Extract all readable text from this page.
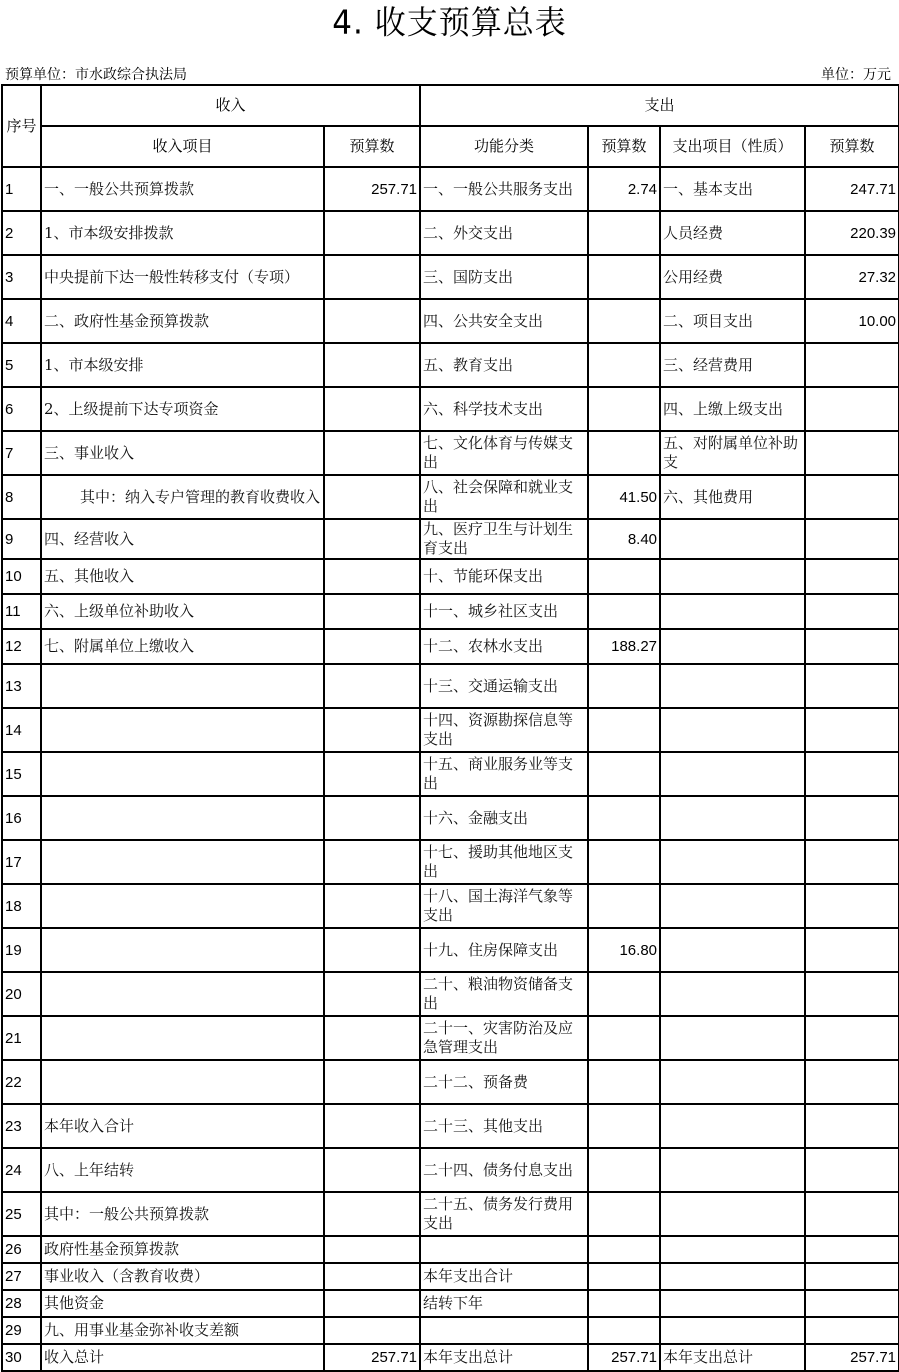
4. 收支预算总表
预算单位：市水政综合执法局	单位：万元
序号	收入		支出			
	收入项目	预算数	功能分类	预算数	支出项目（性质）	预算数
1	一、一般公共预算拨款	257.71	一、一般公共服务支出	2.74	一、基本支出	247.71
2	1、市本级安排拨款		二、外交支出		人员经费	220.39
3	中央提前下达一般性转移支付（专项）		三、国防支出		公用经费	27.32
4	二、政府性基金预算拨款		四、公共安全支出		二、项目支出	10.00
5	1、市本级安排		五、教育支出		三、经营费用	
6	2、上级提前下达专项资金		六、科学技术支出		四、上缴上级支出	
7	三、事业收入		七、文化体育与传媒支出		五、对附属单位补助支	
8	其中：纳入专户管理的教育收费收入		八、社会保障和就业支出	41.50	六、其他费用	
9	四、经营收入		九、医疗卫生与计划生育支出	8.40		
10	五、其他收入		十、节能环保支出			
11	六、上级单位补助收入		十一、城乡社区支出			
12	七、附属单位上缴收入		十二、农林水支出	188.27		
13			十三、交通运输支出			
14			十四、资源勘探信息等支出			
15			十五、商业服务业等支出			
16			十六、金融支出			
17			十七、援助其他地区支出			
18			十八、国土海洋气象等支出			
19			十九、住房保障支出	16.80		
20			二十、粮油物资储备支出			
21			二十一、灾害防治及应急管理支出			
22			二十二、预备费			
23	本年收入合计		二十三、其他支出			
24	八、上年结转		二十四、债务付息支出			
25	其中：一般公共预算拨款		二十五、债务发行费用支出			
26	政府性基金预算拨款					
27	事业收入（含教育收费）		本年支出合计			
28	其他资金		结转下年			
29	九、用事业基金弥补收支差额					
30	收入总计	257.71	本年支出总计	257.71	本年支出总计	257.71
